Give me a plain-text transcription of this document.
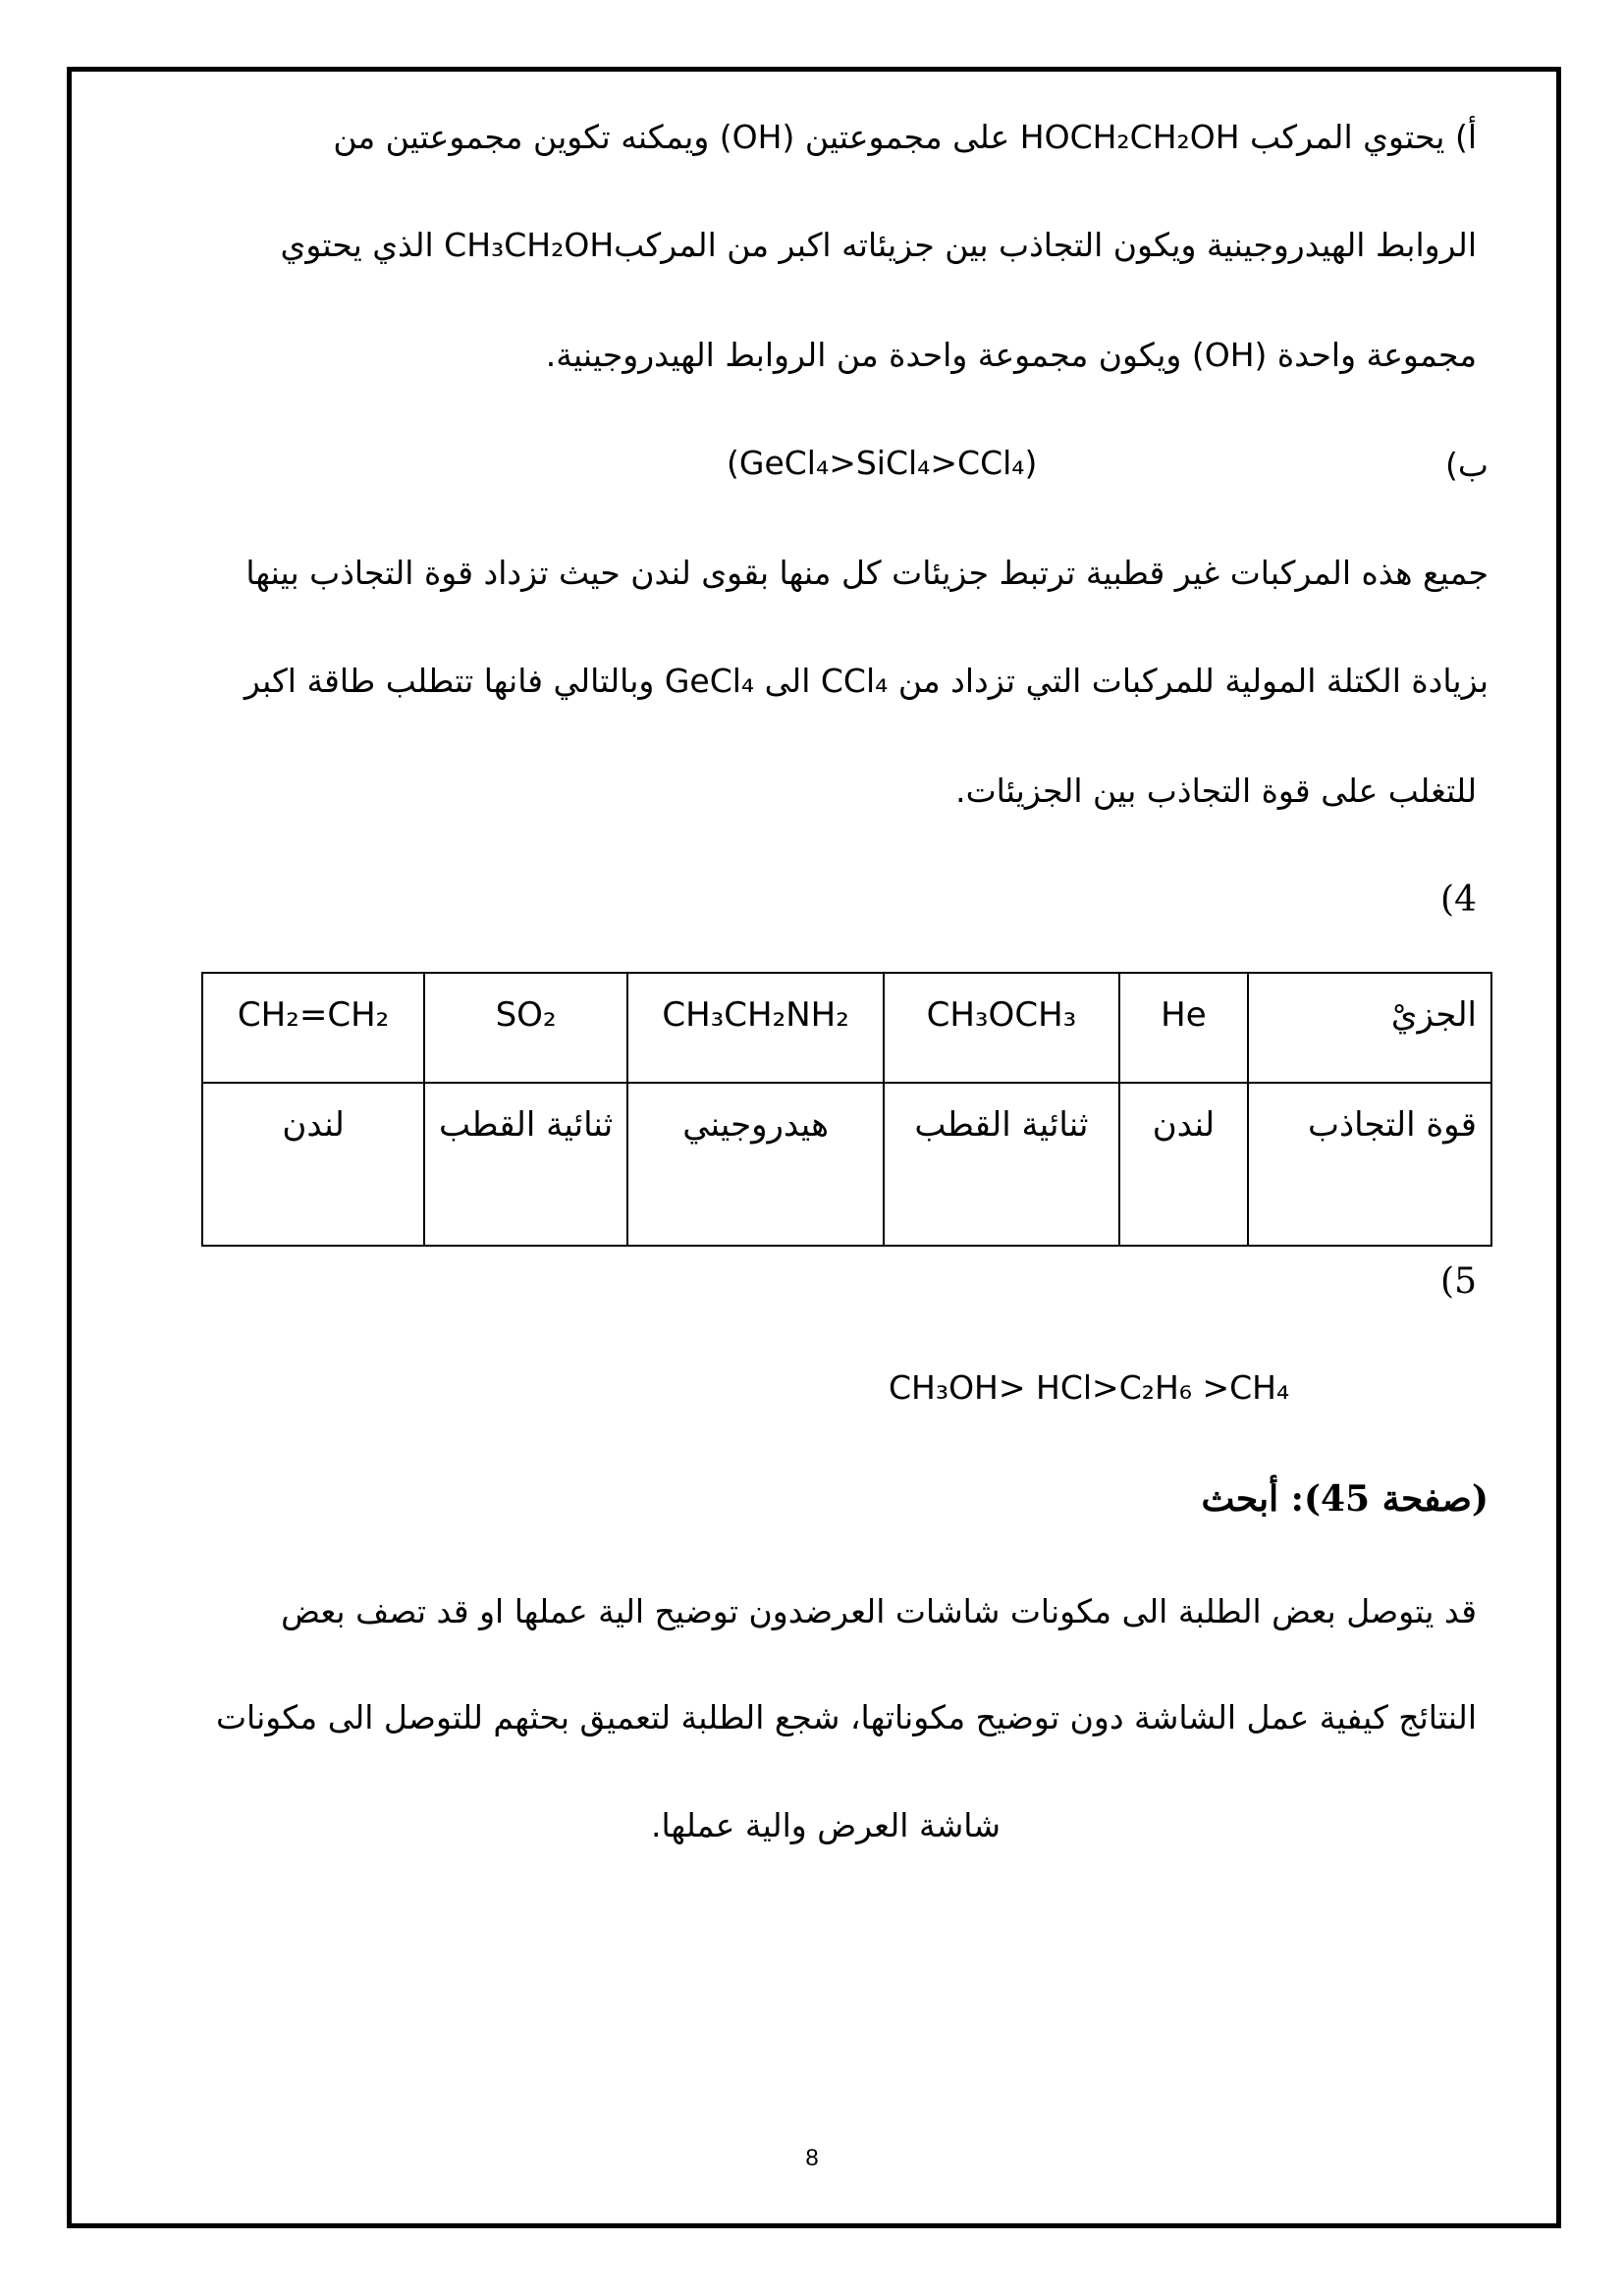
أ) يحتوي المركب HOCH₂CH₂OH على مجموعتين (OH) ويمكنه تكوين مجموعتين من
الروابط الهيدروجينية ويكون التجاذب بين جزيئاته اكبر من المركبCH₃CH₂OH الذي يحتوي
مجموعة واحدة (OH) ويكون مجموعة واحدة من الروابط الهيدروجينية.
ب)
(GeCl₄>SiCl₄>CCl₄)
جميع هذه المركبات غير قطبية ترتبط جزيئات كل منها بقوى لندن حيث تزداد قوة التجاذب بينها
بزيادة الكتلة المولية للمركبات التي تزداد من CCl₄ الى GeCl₄ وبالتالي فانها تتطلب طاقة اكبر
للتغلب على قوة التجاذب بين الجزيئات.
4)
الجزيْ	He	CH₃OCH₃	CH₃CH₂NH₂	SO₂	CH₂=CH₂
قوة التجاذب	لندن	ثنائية القطب	هيدروجيني	ثنائية القطب	لندن
5)
CH₃OH> HCl>C₂H₆ >CH₄
(صفحة 45): أبحث
قد يتوصل بعض الطلبة الى مكونات شاشات العرضدون توضيح الية عملها او قد تصف بعض
النتائج كيفية عمل الشاشة دون توضيح مكوناتها، شجع الطلبة لتعميق بحثهم للتوصل الى مكونات
شاشة العرض والية عملها.
8
